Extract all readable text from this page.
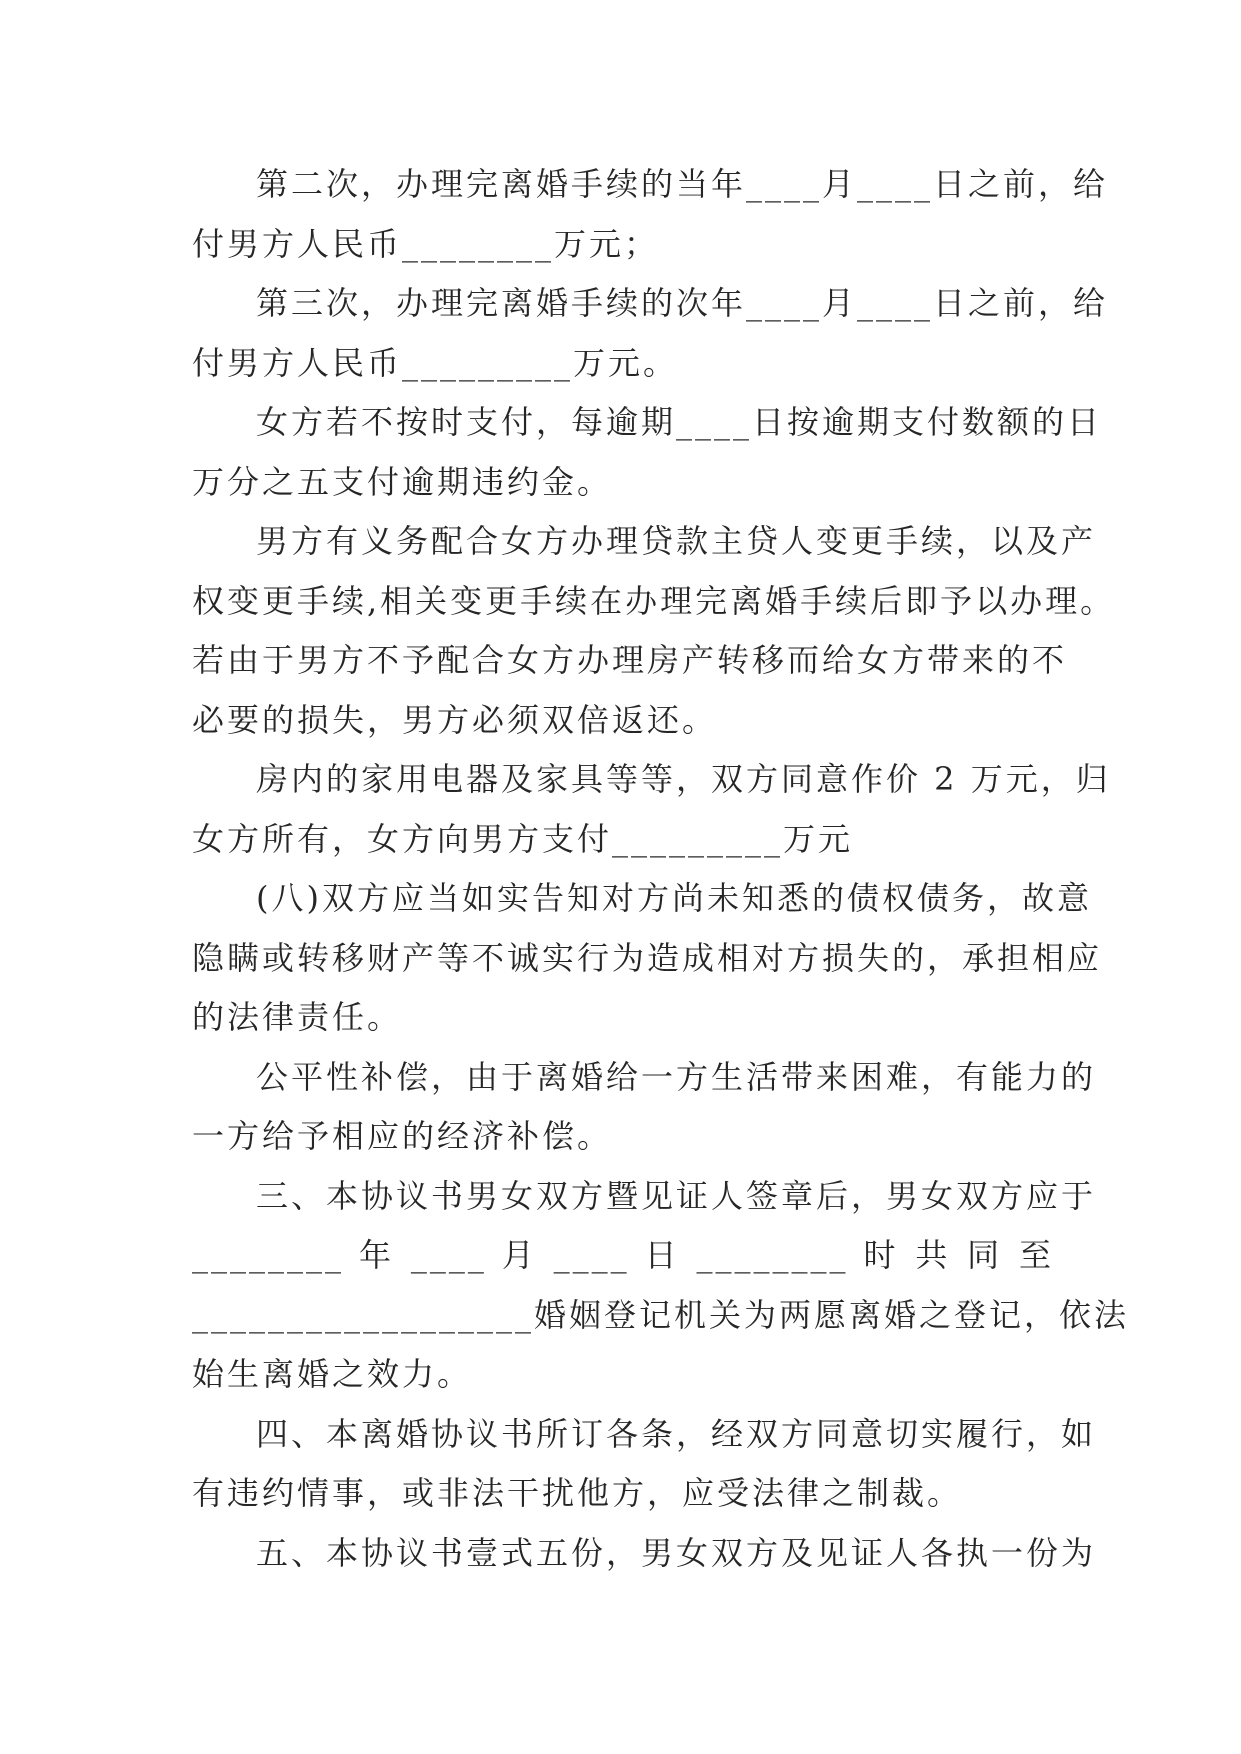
第二次，办理完离婚手续的当年____月____日之前，给

付男方人民币________万元；

第三次，办理完离婚手续的次年____月____日之前，给

付男方人民币_________万元。

女方若不按时支付，每逾期____日按逾期支付数额的日

万分之五支付逾期违约金。

男方有义务配合女方办理贷款主贷人变更手续，以及产

权变更手续,相关变更手续在办理完离婚手续后即予以办理。

若由于男方不予配合女方办理房产转移而给女方带来的不

必要的损失，男方必须双倍返还。

房内的家用电器及家具等等，双方同意作价 2 万元，归

女方所有，女方向男方支付_________万元

(八)双方应当如实告知对方尚未知悉的债权债务，故意

隐瞒或转移财产等不诚实行为造成相对方损失的，承担相应

的法律责任。

公平性补偿，由于离婚给一方生活带来困难，有能力的

一方给予相应的经济补偿。

三、本协议书男女双方暨见证人签章后，男女双方应于

________ 年 ____ 月 ____ 日 ________ 时 共 同 至

__________________婚姻登记机关为两愿离婚之登记，依法

始生离婚之效力。

四、本离婚协议书所订各条，经双方同意切实履行，如

有违约情事，或非法干扰他方，应受法律之制裁。

五、本协议书壹式五份，男女双方及见证人各执一份为
